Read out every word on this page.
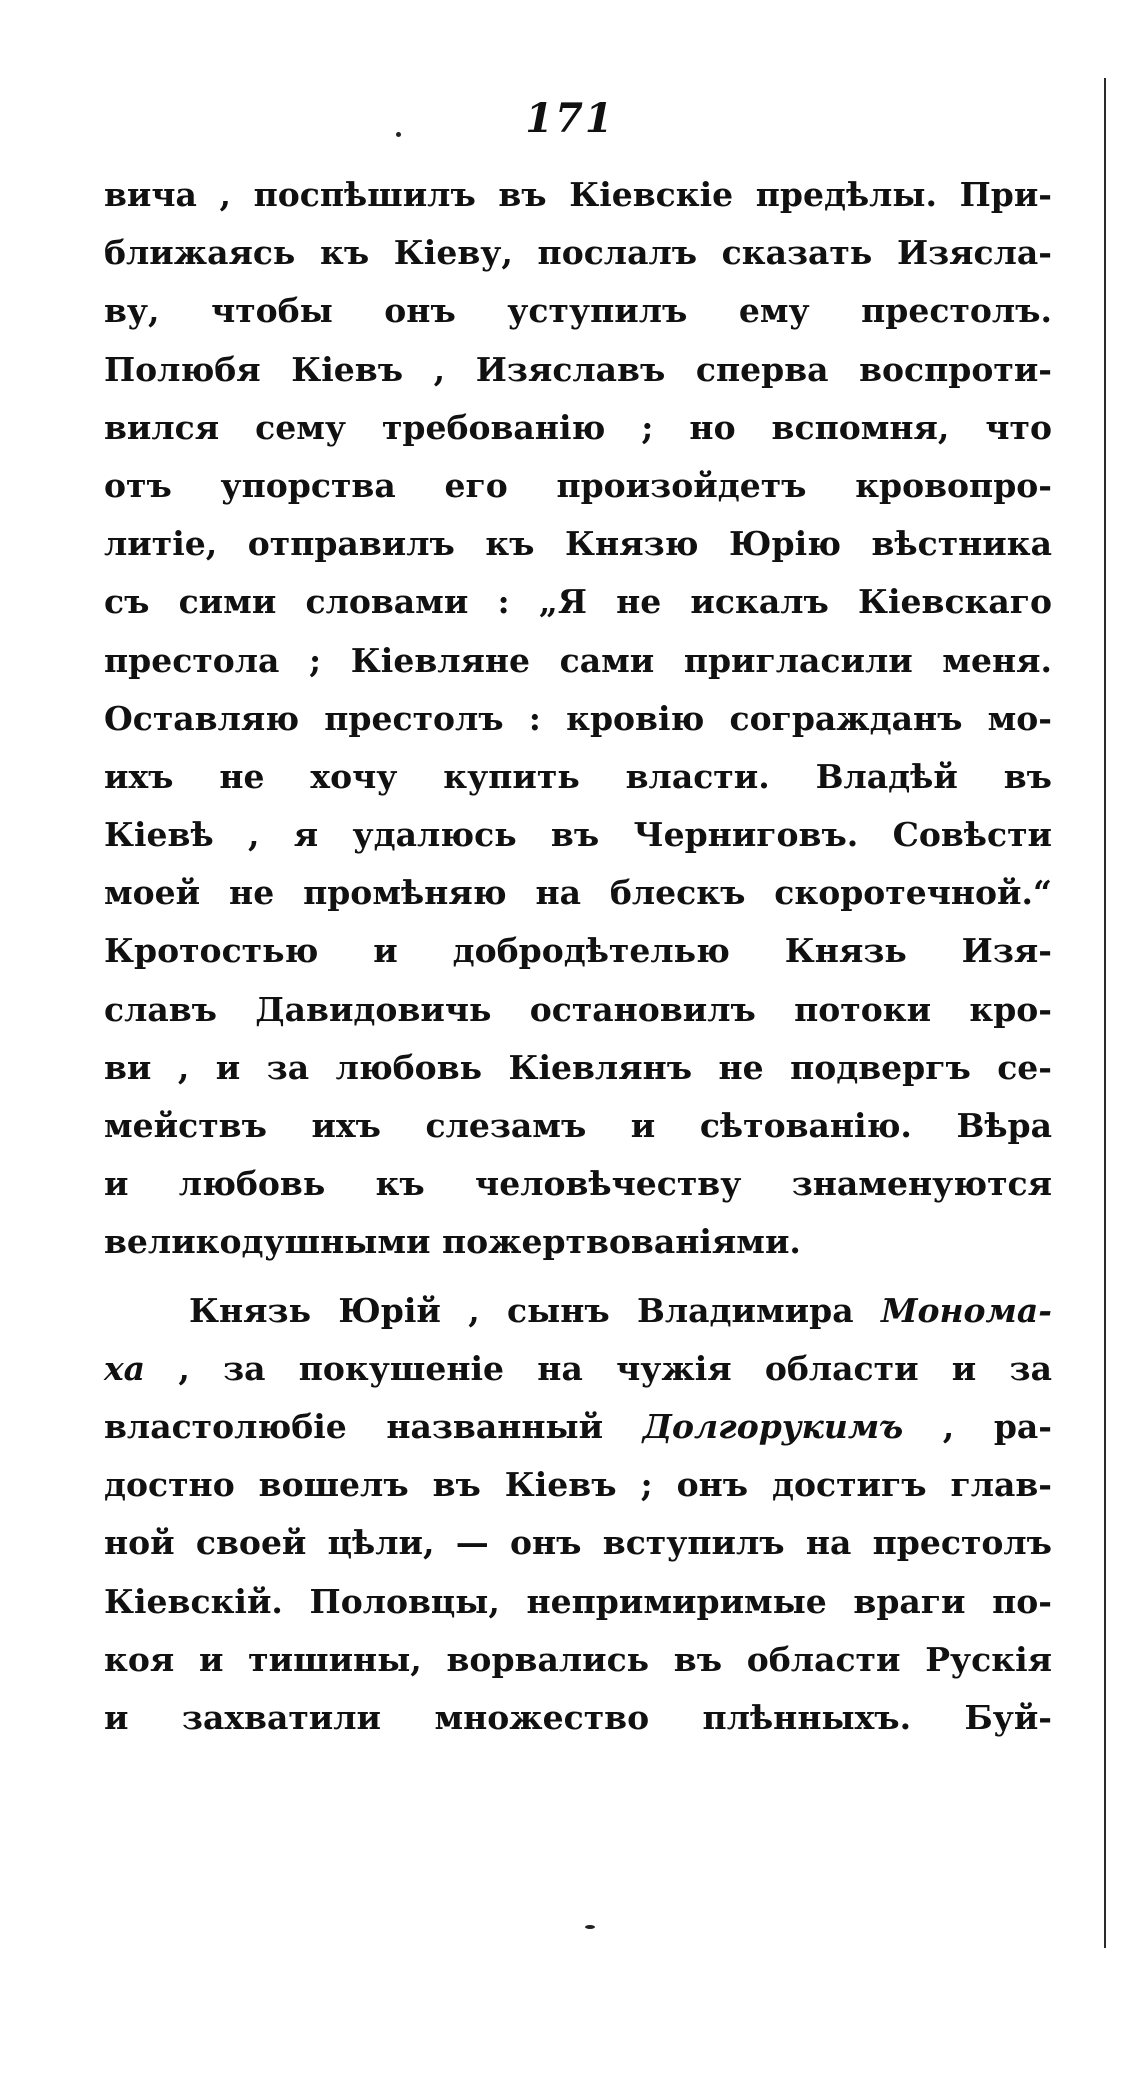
171
вича , поспѣшилъ въ Кіевскіе предѣлы. При-
ближаясь къ Кіеву, послалъ сказать Изясла-
ву, чтобы онъ уступилъ ему престолъ.
Полюбя Кіевъ , Изяславъ сперва воспроти-
вился сему требованію ; но вспомня, что
отъ упорства его произойдетъ кровопро-
литіе, отправилъ къ Князю Юрію вѣстника
съ сими словами : „Я не искалъ Кіевскаго
престола ; Кіевляне сами пригласили меня.
Оставляю престолъ : кровію согражданъ мо-
ихъ не хочу купить власти. Владѣй въ
Кіевѣ , я удалюсь въ Черниговъ. Совѣсти
моей не промѣняю на блескъ скоротечной.“
Кротостью и добродѣтелью Князь Изя-
славъ Давидовичь остановилъ потоки кро-
ви , и за любовь Кіевлянъ не подвергъ се-
мействъ ихъ слезамъ и сѣтованію. Вѣра
и любовь къ человѣчеству знаменуются
великодушными пожертвованіями.
Князь Юрій , сынъ Владимира Монома-
ха , за покушеніе на чужія области и за
властолюбіе названный Долгорукимъ , ра-
достно вошелъ въ Кіевъ ; онъ достигъ глав-
ной своей цѣли, — онъ вступилъ на престолъ
Кіевскій. Половцы, непримиримые враги по-
коя и тишины, ворвались въ области Рускія
и захватили множество плѣнныхъ. Буй-
